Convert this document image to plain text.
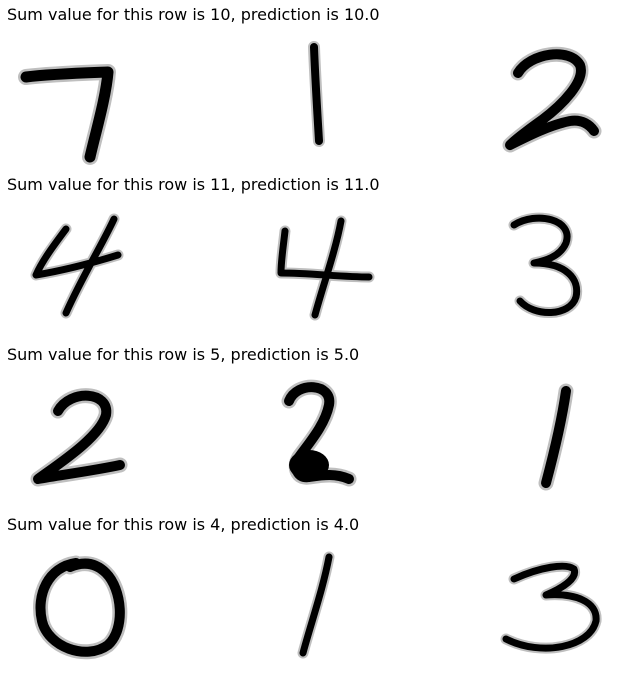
Sum value for this row is 10, prediction is 10.0
Sum value for this row is 11, prediction is 11.0
Sum value for this row is 5, prediction is 5.0
Sum value for this row is 4, prediction is 4.0
